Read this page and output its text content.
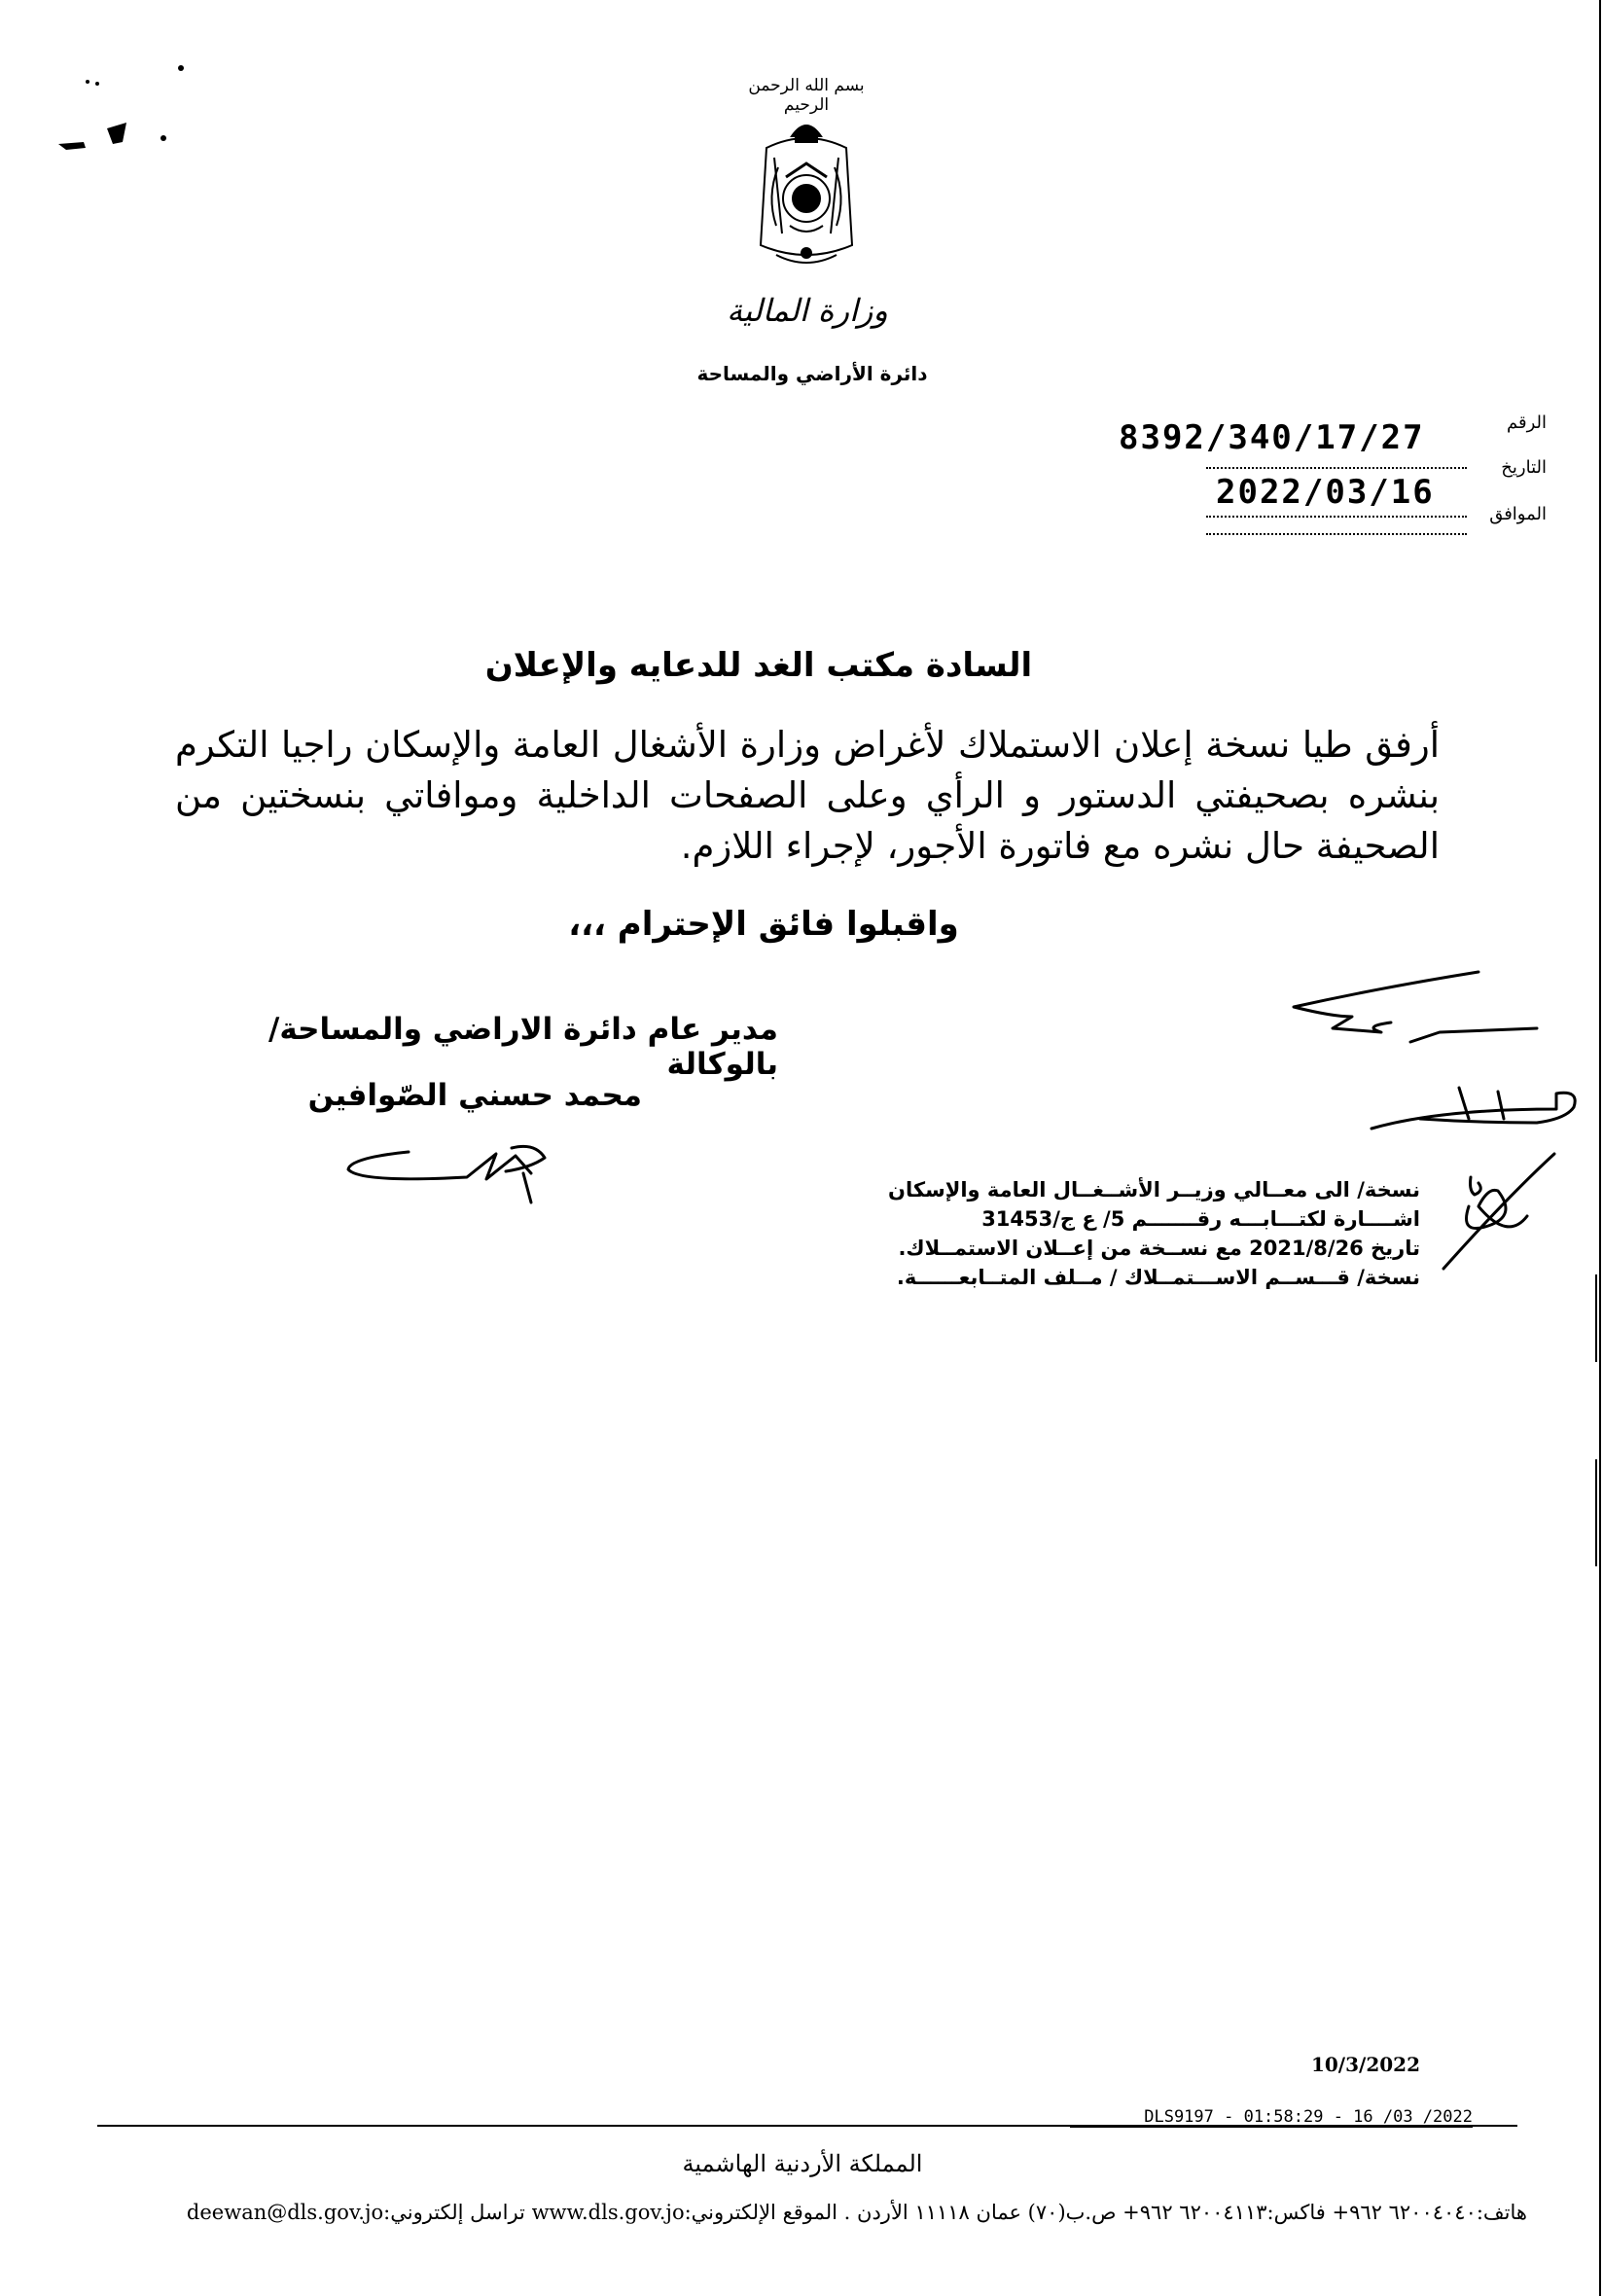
بسم الله الرحمن الرحيم
وزارة المالية
دائرة الأراضي والمساحة
الرقم
8392/340/17/27
التاريخ
2022/03/16
الموافق
السادة مكتب الغد للدعايه والإعلان
أرفق طيا نسخة إعلان الاستملاك لأغراض وزارة الأشغال العامة والإسكان راجيا التكرم بنشره بصحيفتي الدستور و الرأي وعلى الصفحات الداخلية وموافاتي بنسختين من الصحيفة حال نشره مع فاتورة الأجور، لإجراء اللازم.
واقبلوا فائق الإحترام ،،،
مدير عام دائرة الاراضي والمساحة/بالوكالة
محمد حسني الصّوافين
نسخة/ الى معــالي وزيــر الأشــغــال العامة والإسكان
اشــــارة لكتـــابـــه رقـــــــم 5/ ع ج/31453
تاريخ 2021/8/26 مع نســخة من إعــلان الاستمــلاك.
نسخة/ قـــســم الاســـتمــلاك / مــلف المتــابعــــــة.
10/3/2022
DLS9197 - 01:58:29 - 16 /03 /2022
المملكة الأردنية الهاشمية
هاتف:٦٢٠٠٤٠٤٠ ٩٦٢+ فاكس:٦٢٠٠٤١١٣ ٩٦٢+ ص.ب(٧٠) عمان ١١١١٨ الأردن . الموقع الإلكتروني:www.dls.gov.jo تراسل إلكتروني:deewan@dls.gov.jo
